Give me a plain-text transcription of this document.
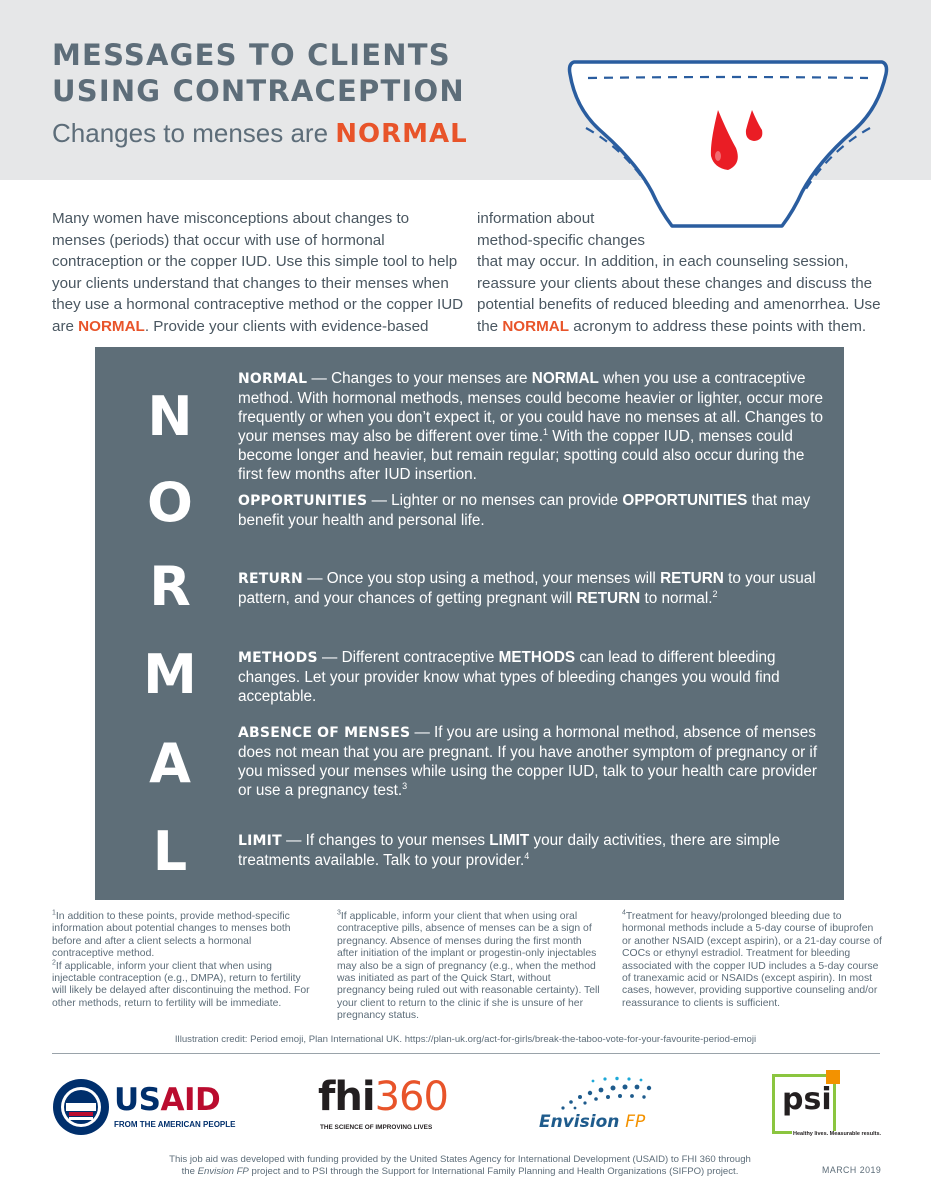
MESSAGES TO CLIENTS
USING CONTRACEPTION
Changes to menses are NORMAL

Many women have misconceptions about changes to menses (periods) that occur with use of hormonal contraception or the copper IUD. Use this simple tool to help your clients understand that changes to their menses when they use a hormonal contraceptive method or the copper IUD are NORMAL. Provide your clients with evidence-based

information about
method-specific changes
that may occur. In addition, in each counseling session, reassure your clients about these changes and discuss the potential benefits of reduced bleeding and amenorrhea. Use the NORMAL acronym to address these points with them.

N
O
R
M
A
L

NORMAL — Changes to your menses are NORMAL when you use a contraceptive method. With hormonal methods, menses could become heavier or lighter, occur more frequently or when you don’t expect it, or you could have no menses at all. Changes to your menses may also be different over time.$^1$ With the copper IUD, menses could become longer and heavier, but remain regular; spotting could also occur during the first few months after IUD insertion.

OPPORTUNITIES — Lighter or no menses can provide OPPORTUNITIES that may benefit your health and personal life.

RETURN — Once you stop using a method, your menses will RETURN to your usual pattern, and your chances of getting pregnant will RETURN to normal.$^2$

METHODS — Different contraceptive METHODS can lead to different bleeding changes. Let your provider know what types of bleeding changes you would find acceptable.

ABSENCE OF MENSES — If you are using a hormonal method, absence of menses does not mean that you are pregnant. If you have another symptom of pregnancy or if you missed your menses while using the copper IUD, talk to your health care provider or use a pregnancy test.$^3$

LIMIT — If changes to your menses LIMIT your daily activities, there are simple treatments available. Talk to your provider.$^4$

$^1$In addition to these points, provide method-specific information about potential changes to menses both before and after a client selects a hormonal contraceptive method.

$^2$If applicable, inform your client that when using injectable contraception (e.g., DMPA), return to fertility will likely be delayed after discontinuing the method. For other methods, return to fertility will be immediate.

$^3$If applicable, inform your client that when using oral contraceptive pills, absence of menses can be a sign of pregnancy. Absence of menses during the first month after initiation of the implant or progestin-only injectables may also be a sign of pregnancy (e.g., when the method was initiated as part of the Quick Start, without pregnancy being ruled out with reasonable certainty). Tell your client to return to the clinic if she is unsure of her pregnancy status.

$^4$Treatment for heavy/prolonged bleeding due to hormonal methods include a 5-day course of ibuprofen or another NSAID (except aspirin), or a 21-day course of COCs or ethynyl estradiol. Treatment for bleeding associated with the copper IUD includes a 5-day course of tranexamic acid or NSAIDs (except aspirin). In most cases, however, providing supportive counseling and/or reassurance to clients is sufficient.

Illustration credit: Period emoji, Plan International UK. https://plan-uk.org/act-for-girls/break-the-taboo-vote-for-your-favourite-period-emoji
USAID
FROM THE AMERICAN PEOPLE
fhi360
THE SCIENCE OF IMPROVING LIVES	Envision FP
psi
Healthy lives. Measurable results.
This job aid was developed with funding provided by the United States Agency for International Development (USAID) to FHI 360 through
the Envision FP project and to PSI through the Support for International Family Planning and Health Organizations (SIFPO) project.	MARCH 2019
